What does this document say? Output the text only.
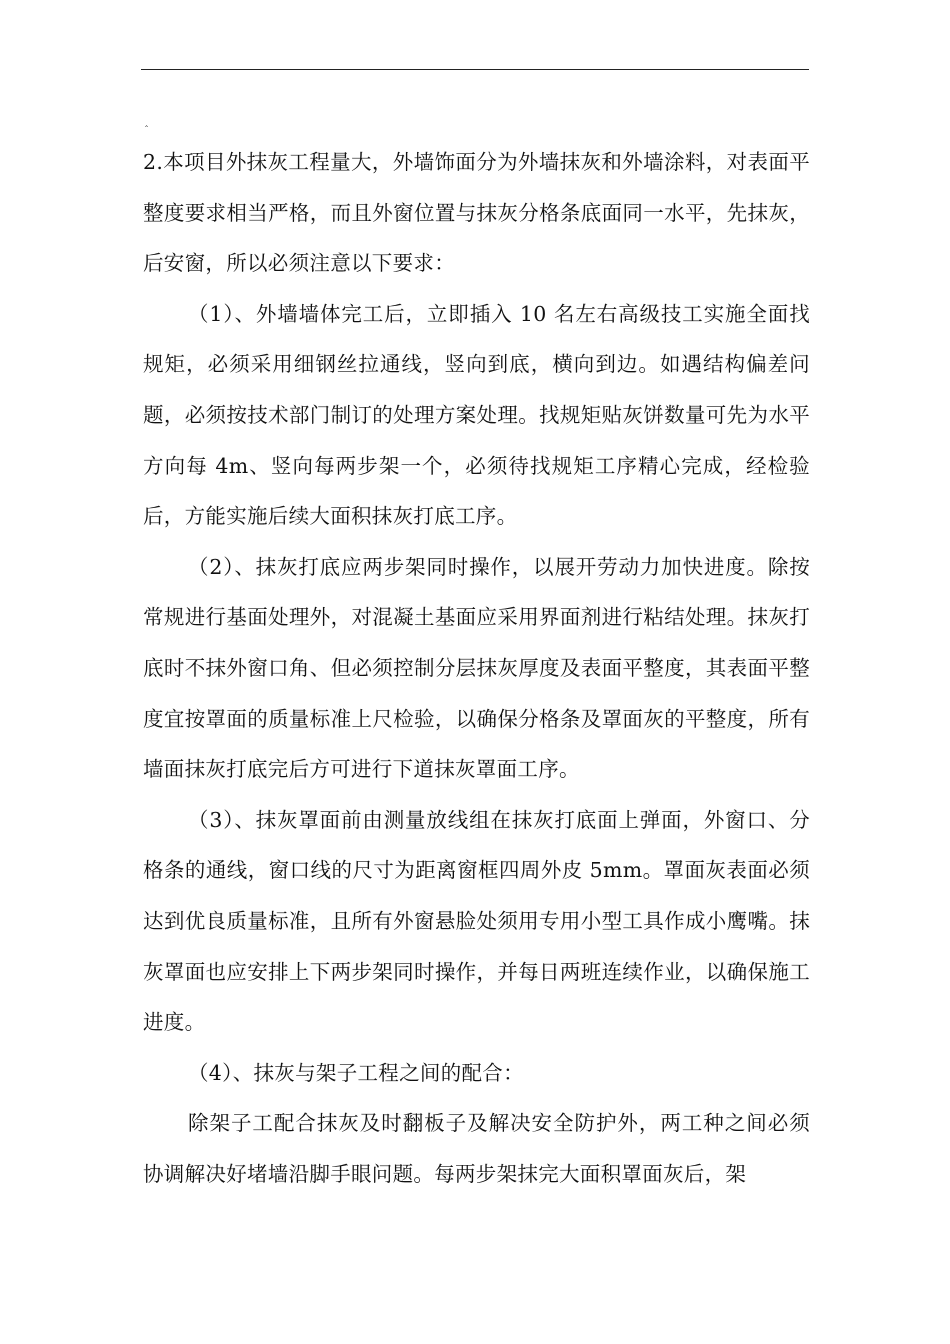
‸

2.本项目外抹灰工程量大，外墙饰面分为外墙抹灰和外墙涂料，对表面平整度要求相当严格，而且外窗位置与抹灰分格条底面同一水平，先抹灰，后安窗，所以必须注意以下要求：

（1）、外墙墙体完工后，立即插入 10 名左右高级技工实施全面找规矩，必须采用细钢丝拉通线，竖向到底，横向到边。如遇结构偏差问题，必须按技术部门制订的处理方案处理。找规矩贴灰饼数量可先为水平方向每 4m、竖向每两步架一个，必须待找规矩工序精心完成，经检验后，方能实施后续大面积抹灰打底工序。

（2）、抹灰打底应两步架同时操作，以展开劳动力加快进度。除按常规进行基面处理外，对混凝土基面应采用界面剂进行粘结处理。抹灰打底时不抹外窗口角、但必须控制分层抹灰厚度及表面平整度，其表面平整度宜按罩面的质量标准上尺检验，以确保分格条及罩面灰的平整度，所有墙面抹灰打底完后方可进行下道抹灰罩面工序。

（3）、抹灰罩面前由测量放线组在抹灰打底面上弹面，外窗口、分格条的通线，窗口线的尺寸为距离窗框四周外皮 5mm。罩面灰表面必须达到优良质量标准，且所有外窗悬脸处须用专用小型工具作成小鹰嘴。抹灰罩面也应安排上下两步架同时操作，并每日两班连续作业，以确保施工进度。

（4）、抹灰与架子工程之间的配合：

除架子工配合抹灰及时翻板子及解决安全防护外，两工种之间必须协调解决好堵墙沿脚手眼问题。每两步架抹完大面积罩面灰后，架
